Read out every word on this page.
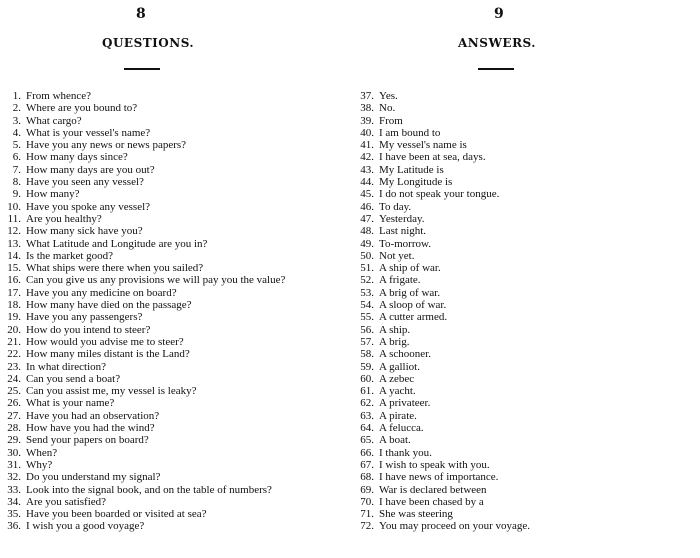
8
QUESTIONS.
9
ANSWERS.
1. From whence?
2. Where are you bound to?
3. What cargo?
4. What is your vessel's name?
5. Have you any news or news papers?
6. How many days since?
7. How many days are you out?
8. Have you seen any vessel?
9. How many?
10. Have you spoke any vessel?
11. Are you healthy?
12. How many sick have you?
13. What Latitude and Longitude are you in?
14. Is the market good?
15. What ships were there when you sailed?
16. Can you give us any provisions we will pay you the value?
17. Have you any medicine on board?
18. How many have died on the passage?
19. Have you any passengers?
20. How do you intend to steer?
21. How would you advise me to steer?
22. How many miles distant is the Land?
23. In what direction?
24. Can you send a boat?
25. Can you assist me, my vessel is leaky?
26. What is your name?
27. Have you had an observation?
28. How have you had the wind?
29. Send your papers on board?
30. When?
31. Why?
32. Do you understand my signal?
33. Look into the signal book, and on the table of numbers?
34. Are you satisfied?
35. Have you been boarded or visited at sea?
36. I wish you a good voyage?
37. Yes.
38. No.
39. From
40. I am bound to
41. My vessel's name is
42. I have been at sea, days.
43. My Latitude is
44. My Longitude is
45. I do not speak your tongue.
46. To day.
47. Yesterday.
48. Last night.
49. To-morrow.
50. Not yet.
51. A ship of war.
52. A frigate.
53. A brig of war.
54. A sloop of war.
55. A cutter armed.
56. A ship.
57. A brig.
58. A schooner.
59. A galliot.
60. A zebec
61. A yacht.
62. A privateer.
63. A pirate.
64. A felucca.
65. A boat.
66. I thank you.
67. I wish to speak with you.
68. I have news of importance.
69. War is declared between
70. I have been chased by a
71. She was steering
72. You may proceed on your voyage.
